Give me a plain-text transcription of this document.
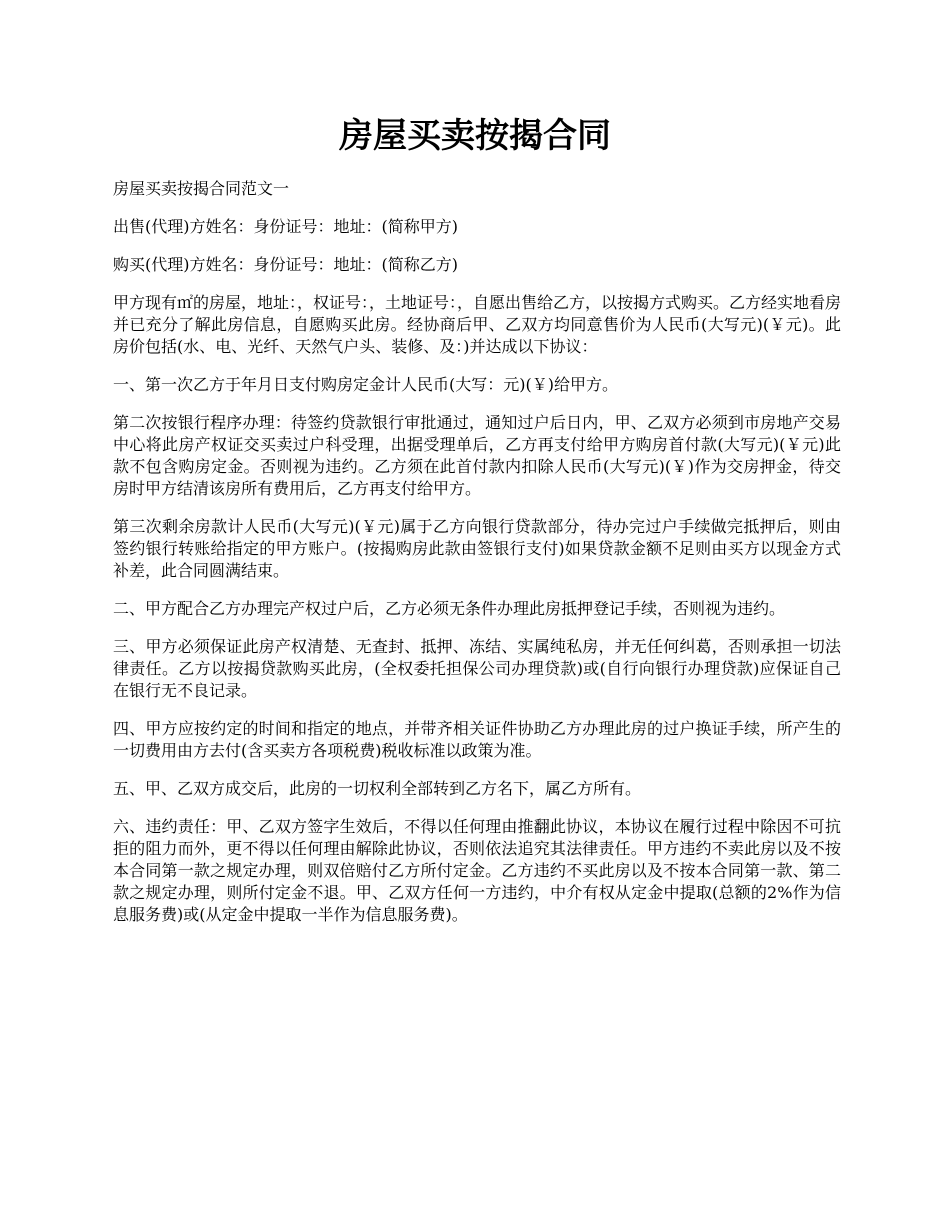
房屋买卖按揭合同

房屋买卖按揭合同范文一

出售(代理)方姓名：身份证号：地址：(简称甲方)

购买(代理)方姓名：身份证号：地址：(简称乙方)

甲方现有㎡的房屋，地址：，权证号：，土地证号：，自愿出售给乙方，以按揭方式购买。乙方经实地看房并已充分了解此房信息，自愿购买此房。经协商后甲、乙双方均同意售价为人民币(大写元)(￥元)。此房价包括(水、电、光纤、天然气户头、装修、及：)并达成以下协议：

一、第一次乙方于年月日支付购房定金计人民币(大写：元)(￥)给甲方。

第二次按银行程序办理：待签约贷款银行审批通过，通知过户后日内，甲、乙双方必须到市房地产交易中心将此房产权证交买卖过户科受理，出据受理单后，乙方再支付给甲方购房首付款(大写元)(￥元)此款不包含购房定金。否则视为违约。乙方须在此首付款内扣除人民币(大写元)(￥)作为交房押金，待交房时甲方结清该房所有费用后，乙方再支付给甲方。

第三次剩余房款计人民币(大写元)(￥元)属于乙方向银行贷款部分，待办完过户手续做完抵押后，则由签约银行转账给指定的甲方账户。(按揭购房此款由签银行支付)如果贷款金额不足则由买方以现金方式补差，此合同圆满结束。

二、甲方配合乙方办理完产权过户后，乙方必须无条件办理此房抵押登记手续，否则视为违约。

三、甲方必须保证此房产权清楚、无查封、抵押、冻结、实属纯私房，并无任何纠葛，否则承担一切法律责任。乙方以按揭贷款购买此房，(全权委托担保公司办理贷款)或(自行向银行办理贷款)应保证自己在银行无不良记录。

四、甲方应按约定的时间和指定的地点，并带齐相关证件协助乙方办理此房的过户换证手续，所产生的一切费用由方去付(含买卖方各项税费)税收标准以政策为准。

五、甲、乙双方成交后，此房的一切权利全部转到乙方名下，属乙方所有。

六、违约责任：甲、乙双方签字生效后，不得以任何理由推翻此协议，本协议在履行过程中除因不可抗拒的阻力而外，更不得以任何理由解除此协议，否则依法追究其法律责任。甲方违约不卖此房以及不按本合同第一款之规定办理，则双倍赔付乙方所付定金。乙方违约不买此房以及不按本合同第一款、第二款之规定办理，则所付定金不退。甲、乙双方任何一方违约，中介有权从定金中提取(总额的2%作为信息服务费)或(从定金中提取一半作为信息服务费)。
